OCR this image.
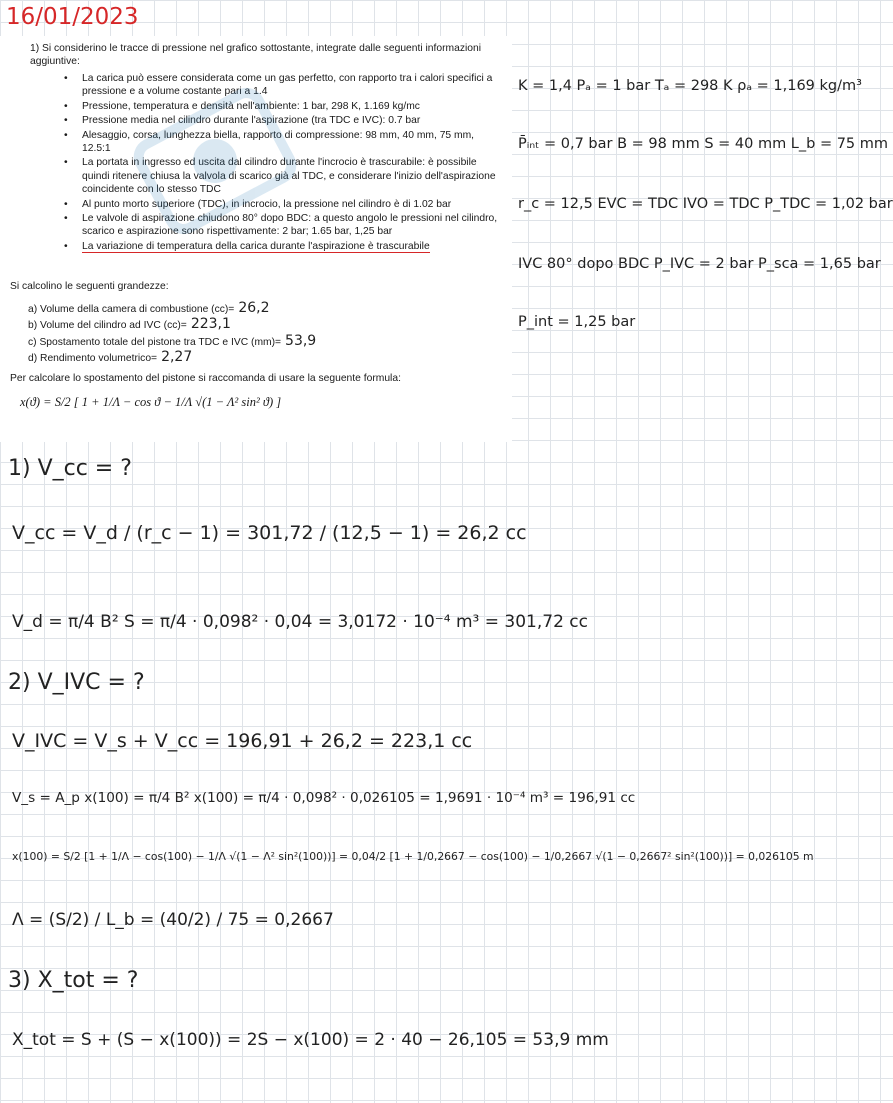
16/01/2023
1) Si considerino le tracce di pressione nel grafico sottostante, integrate dalle seguenti informazioni aggiuntive:
• La carica può essere considerata come un gas perfetto, con rapporto tra i calori specifici a pressione e a volume costante pari a 1.4
• Pressione, temperatura e densità nell'ambiente: 1 bar, 298 K, 1.169 kg/mc
• Pressione media nel cilindro durante l'aspirazione (tra TDC e IVC): 0.7 bar
• Alesaggio, corsa, lunghezza biella, rapporto di compressione: 98 mm, 40 mm, 75 mm, 12.5:1
• La portata in ingresso ed uscita dal cilindro durante l'incrocio è trascurabile: è possibile quindi ritenere chiusa la valvola di scarico già al TDC, e considerare l'inizio dell'aspirazione coincidente con lo stesso TDC
• Al punto morto superiore (TDC), in incrocio, la pressione nel cilindro è di 1.02 bar
• Le valvole di aspirazione chiudono 80° dopo BDC: a questo angolo le pressioni nel cilindro, scarico e aspirazione sono rispettivamente: 2 bar; 1.65 bar, 1,25 bar
• La variazione di temperatura della carica durante l'aspirazione è trascurabile
Si calcolino le seguenti grandezze:
a) Volume della camera di combustione (cc)= 26,2
b) Volume del cilindro ad IVC (cc)= 223,1
c) Spostamento totale del pistone tra TDC e IVC (mm)= 53,9
d) Rendimento volumetrico= 2,27
Per calcolare lo spostamento del pistone si raccomanda di usare la seguente formula:
x(ϑ) = S/2 [ 1 + 1/Λ − cos ϑ − 1/Λ √(1 − Λ² sin² ϑ) ]
K = 1,4 Pₐ = 1 bar Tₐ = 298 K ρₐ = 1,169 kg/m³
P̄ᵢₙₜ = 0,7 bar B = 98 mm S = 40 mm L_b = 75 mm
r_c = 12,5 EVC = TDC IVO = TDC P_TDC = 1,02 bar
IVC 80° dopo BDC P_IVC = 2 bar P_sca = 1,65 bar
P_int = 1,25 bar
1) V_cc = ?
V_cc = V_d / (r_c − 1) = 301,72 / (12,5 − 1) = 26,2 cc
V_d = π/4 B² S = π/4 · 0,098² · 0,04 = 3,0172 · 10⁻⁴ m³ = 301,72 cc
2) V_IVC = ?
V_IVC = V_s + V_cc = 196,91 + 26,2 = 223,1 cc
V_s = A_p x(100) = π/4 B² x(100) = π/4 · 0,098² · 0,026105 = 1,9691 · 10⁻⁴ m³ = 196,91 cc
x(100) = S/2 [1 + 1/Λ − cos(100) − 1/Λ √(1 − Λ² sin²(100))] = 0,04/2 [1 + 1/0,2667 − cos(100) − 1/0,2667 √(1 − 0,2667² sin²(100))] = 0,026105 m
Λ = (S/2) / L_b = (40/2) / 75 = 0,2667
3) X_tot = ?
X_tot = S + (S − x(100)) = 2S − x(100) = 2 · 40 − 26,105 = 53,9 mm
